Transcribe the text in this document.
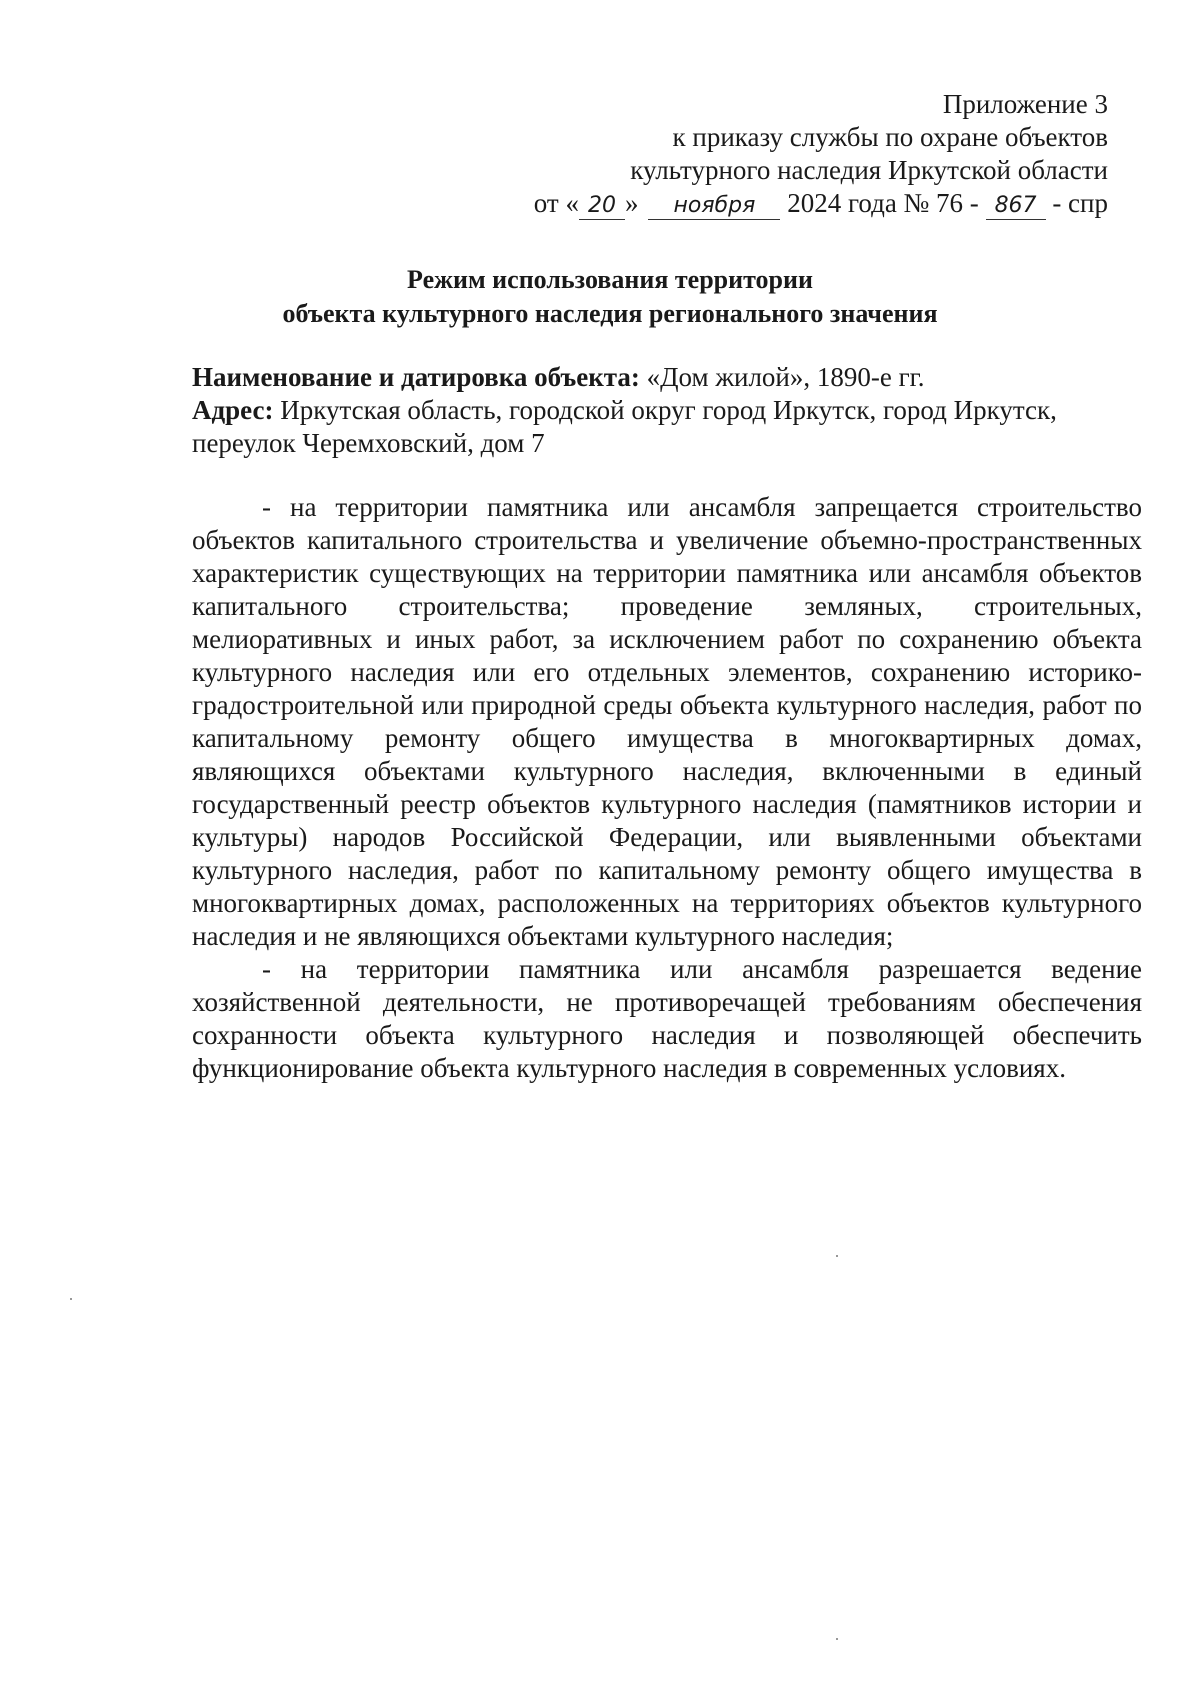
Приложение 3
к приказу службы по охране объектов
культурного наследия Иркутской области
от « 20 » ноября 2024 года № 76 - 867 - спр
Режим использования территории
объекта культурного наследия регионального значения
Наименование и датировка объекта: «Дом жилой», 1890-е гг.
Адрес: Иркутская область, городской округ город Иркутск, город Иркутск, переулок Черемховский, дом 7

- на территории памятника или ансамбля запрещается строительство объектов капитального строительства и увеличение объемно-пространственных характеристик существующих на территории памятника или ансамбля объектов капитального строительства; проведение земляных, строительных, мелиоративных и иных работ, за исключением работ по сохранению объекта культурного наследия или его отдельных элементов, сохранению историко-градостроительной или природной среды объекта культурного наследия, работ по капитальному ремонту общего имущества в многоквартирных домах, являющихся объектами культурного наследия, включенными в единый государственный реестр объектов культурного наследия (памятников истории и культуры) народов Российской Федерации, или выявленными объектами культурного наследия, работ по капитальному ремонту общего имущества в многоквартирных домах, расположенных на территориях объектов культурного наследия и не являющихся объектами культурного наследия;

- на территории памятника или ансамбля разрешается ведение хозяйственной деятельности, не противоречащей требованиям обеспечения сохранности объекта культурного наследия и позволяющей обеспечить функционирование объекта культурного наследия в современных условиях.
